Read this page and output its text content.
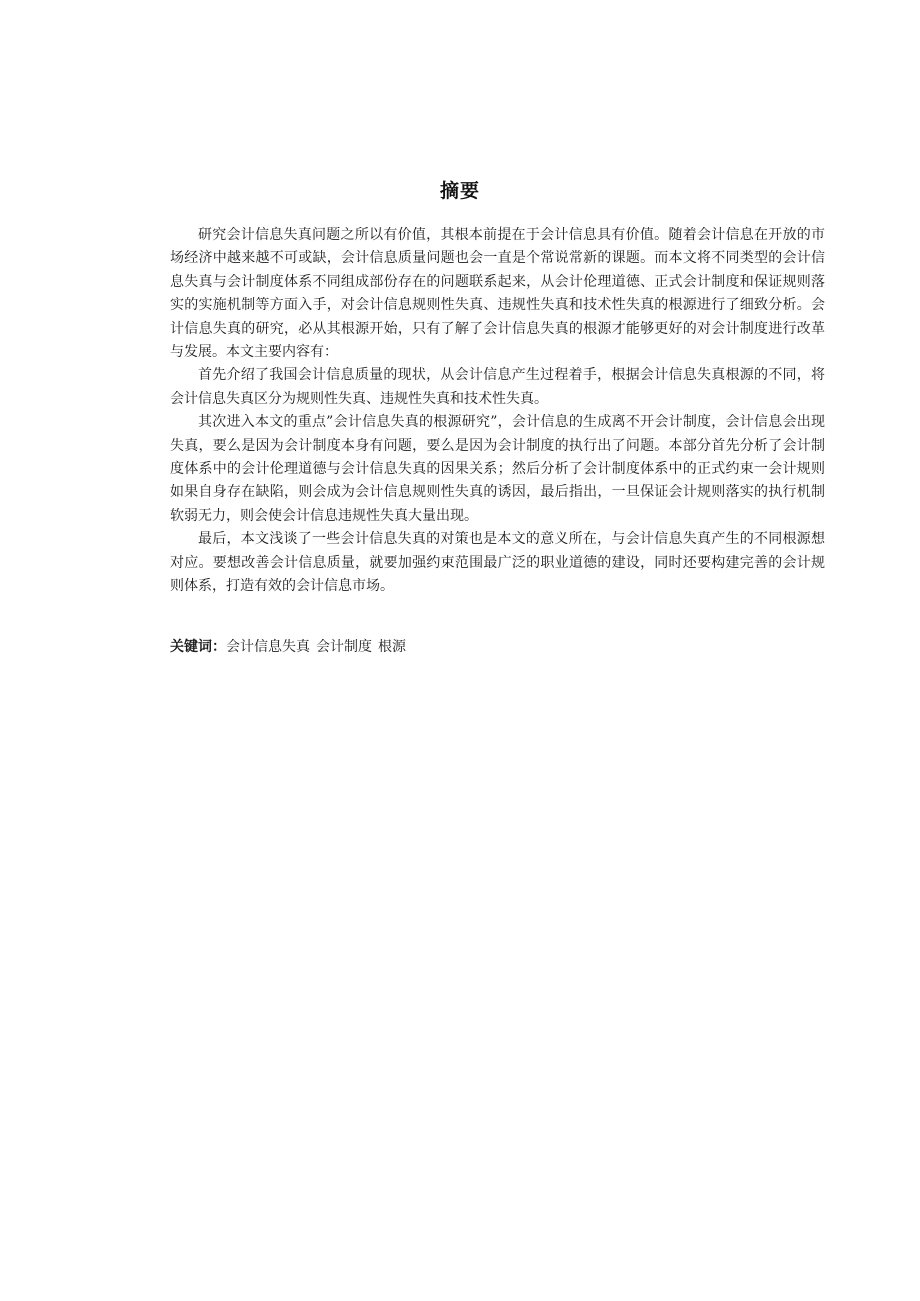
摘要

研究会计信息失真问题之所以有价值，其根本前提在于会计信息具有价值。随着会计信息在开放的市场经济中越来越不可或缺，会计信息质量问题也会一直是个常说常新的课题。而本文将不同类型的会计信息失真与会计制度体系不同组成部份存在的问题联系起来，从会计伦理道德、正式会计制度和保证规则落实的实施机制等方面入手，对会计信息规则性失真、违规性失真和技术性失真的根源进行了细致分析。会计信息失真的研究，必从其根源开始，只有了解了会计信息失真的根源才能够更好的对会计制度进行改革与发展。本文主要内容有：

首先介绍了我国会计信息质量的现状，从会计信息产生过程着手，根据会计信息失真根源的不同，将会计信息失真区分为规则性失真、违规性失真和技术性失真。

其次进入本文的重点”会计信息失真的根源研究”，会计信息的生成离不开会计制度，会计信息会出现失真，要么是因为会计制度本身有问题，要么是因为会计制度的执行出了问题。本部分首先分析了会计制度体系中的会计伦理道德与会计信息失真的因果关系；然后分析了会计制度体系中的正式约束一会计规则如果自身存在缺陷，则会成为会计信息规则性失真的诱因，最后指出，一旦保证会计规则落实的执行机制软弱无力，则会使会计信息违规性失真大量出现。

最后，本文浅谈了一些会计信息失真的对策也是本文的意义所在，与会计信息失真产生的不同根源想对应。要想改善会计信息质量，就要加强约束范围最广泛的职业道德的建设，同时还要构建完善的会计规则体系，打造有效的会计信息市场。

关键词：会计信息失真 会计制度 根源
